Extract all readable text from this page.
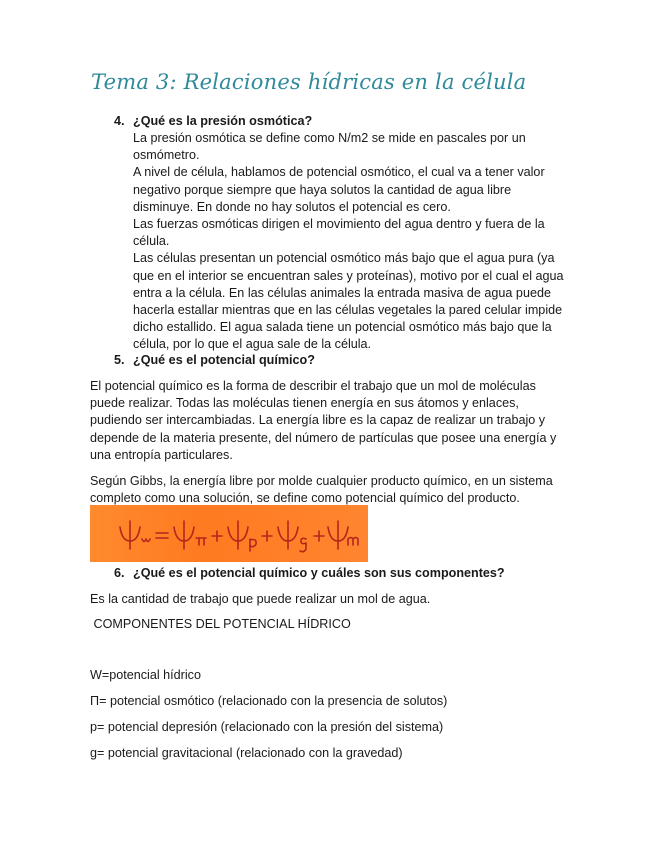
Tema 3: Relaciones hídricas en la célula
4. ¿Qué es la presión osmótica?

La presión osmótica se define como N/m2 se mide en pascales por un osmómetro.

A nivel de célula, hablamos de potencial osmótico, el cual va a tener valor negativo porque siempre que haya solutos la cantidad de agua libre disminuye. En donde no hay solutos el potencial es cero.

Las fuerzas osmóticas dirigen el movimiento del agua dentro y fuera de la célula.

Las células presentan un potencial osmótico más bajo que el agua pura (ya que en el interior se encuentran sales y proteínas), motivo por el cual el agua entra a la célula. En las células animales la entrada masiva de agua puede hacerla estallar mientras que en las células vegetales la pared celular impide dicho estallido. El agua salada tiene un potencial osmótico más bajo que la célula, por lo que el agua sale de la célula.

5. ¿Qué es el potencial químico?

El potencial químico es la forma de describir el trabajo que un mol de moléculas puede realizar. Todas las moléculas tienen energía en sus átomos y enlaces, pudiendo ser intercambiadas. La energía libre es la capaz de realizar un trabajo y depende de la materia presente, del número de partículas que posee una energía y una entropía particulares.

Según Gibbs, la energía libre por molde cualquier producto químico, en un sistema completo como una solución, se define como potencial químico del producto.

6. ¿Qué es el potencial químico y cuáles son sus componentes?

Es la cantidad de trabajo que puede realizar un mol de agua.

COMPONENTES DEL POTENCIAL HÍDRICO

W=potencial hídrico

Π= potencial osmótico (relacionado con la presencia de solutos)

p= potencial depresión (relacionado con la presión del sistema)

g= potencial gravitacional (relacionado con la gravedad)
